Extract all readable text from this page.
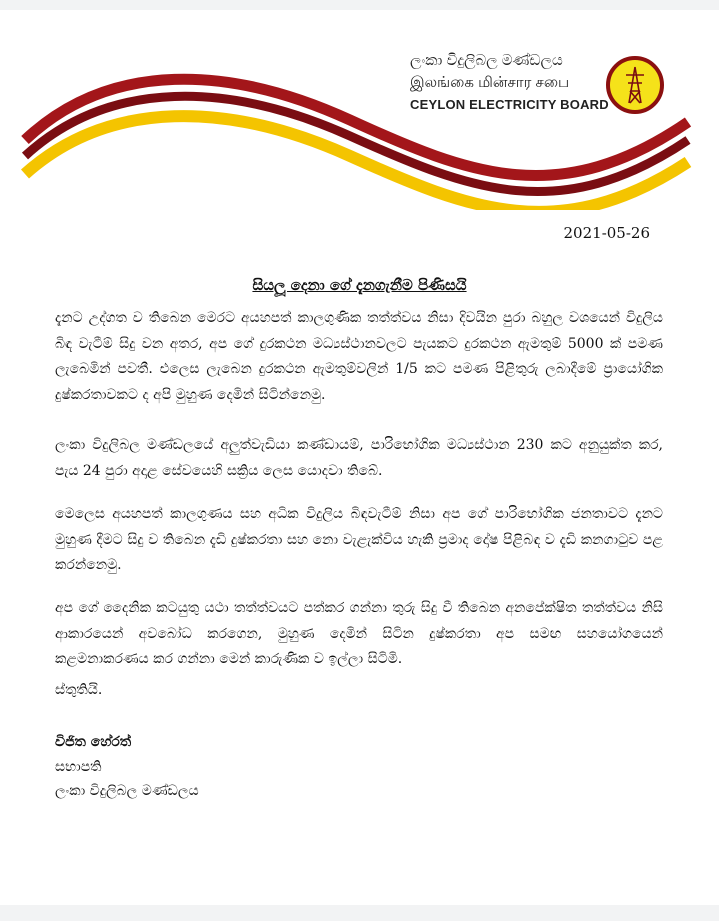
ලංකා විදුලිබල මණ්ඩලය
இலங்கை மின்சார சபை
CEYLON ELECTRICITY BOARD
2021-05-26
සියලූ දෙනා ගේ දැනගැනීම පිණිසයි

දැනට උද්ගත ව තිබෙන මෙරට අයහපත් කාලගුණික තත්ත්වය නිසා දිවයින පුරා බහුල වශයෙන් විදුලිය බිඳ වැටීම් සිදු වන අතර, අප ගේ දුරකථන මධ්‍යස්ථානවලට පැයකට දුරකථන ඇමතුම් 5000 ක් පමණ ලැබෙමින් පවතී. එලෙස ලැබෙන දුරකථන ඇමතුම්වලින් 1/5 කට පමණ පිළිතුරු ලබාදීමේ ප්‍රායෝගික දුෂ්කරතාවකට ද අපි මුහුණ දෙමින් සිටින්නෙමු.

ලංකා විදුලිබල මණ්ඩලයේ අලුත්වැඩියා කණ්ඩායම්, පාරිභෝගික මධ්‍යස්ථාන 230 කට අනුයුක්ත කර, පැය 24 පුරා අදාළ සේවයෙහි සක්‍රිය ලෙස යොදවා තිබේ.

මෙලෙස අයහපත් කාලගුණය සහ අධික විදුලිය බිඳවැටීම් නිසා අප ගේ පාරිභෝගික ජනතාවට දැනට මුහුණ දීමට සිදු ව තිබෙන දැඩි දුෂ්කරතා සහ නො වැළැක්විය හැකි ප්‍රමාද දෝෂ පිළිබඳ ව දැඩි කනගාටුව පළ කරන්නෙමු.

අප ගේ දෛනික කටයුතු යථා තත්ත්වයට පත්කර ගන්නා තුරු සිදු වී තිබෙන අනපේක්ෂිත තත්ත්වය නිසි ආකාරයෙන් අවබෝධ කරගෙන, මුහුණ දෙමින් සිටින දුෂ්කරතා අප සමඟ සහයෝගයෙන් කළමනාකරණය කර ගන්නා මෙන් කාරුණික ව ඉල්ලා සිටිමි.

ස්තුතියි.
විජිත හේරත්
සභාපති
ලංකා විදුලිබල මණ්ඩලය
